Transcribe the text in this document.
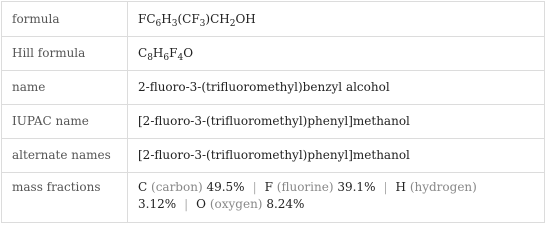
formula	$FC_6H_3(CF_3)CH_2OH$
Hill formula	$C_8H_6F_4O$
name	2-fluoro-3-(trifluoromethyl)benzyl alcohol
IUPAC name	[2-fluoro-3-(trifluoromethyl)phenyl]methanol
alternate names	[2-fluoro-3-(trifluoromethyl)phenyl]methanol
mass fractions	C (carbon) 49.5% | F (fluorine) 39.1% | H (hydrogen)
3.12% | O (oxygen) 8.24%
